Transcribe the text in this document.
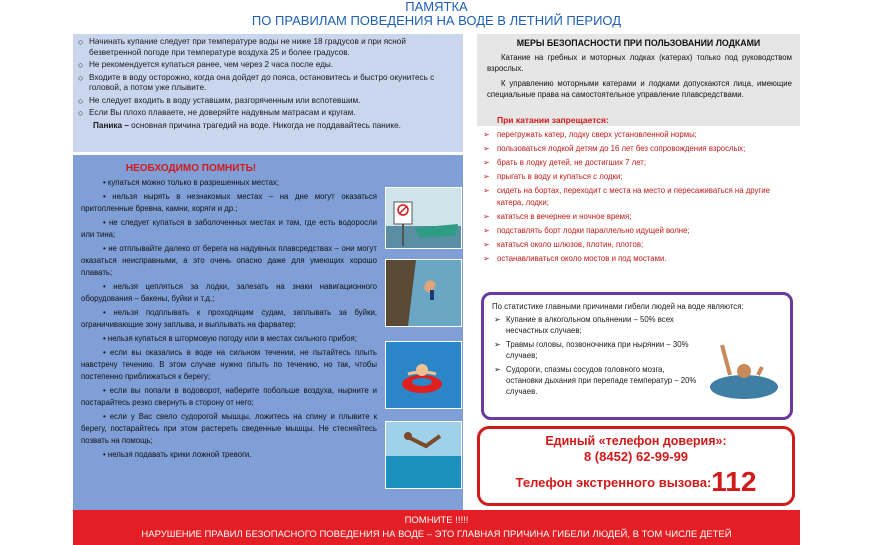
ПАМЯТКА
ПО ПРАВИЛАМ ПОВЕДЕНИЯ НА ВОДЕ В ЛЕТНИЙ ПЕРИОД
○ Начинать купание следует при температуре воды не ниже 18 градусов и при ясной безветренной погоде при температуре воздуха 25 и более градусов.
○ Не рекомендуется купаться ранее, чем через 2 часа после еды.
○ Входите в воду осторожно, когда она дойдет до пояса, остановитесь и быстро окунитесь с головой, а потом уже плывите.
○ Не следует входить в воду уставшим, разгоряченным или вспотевшим.
○ Если Вы плохо плаваете, не доверяйте надувным матрасам и кругам.
Паника – основная причина трагедий на воде. Никогда не поддавайтесь панике.
НЕОБХОДИМО ПОМНИТЬ!

• купаться можно только в разрешенных местах;

• нельзя нырять в незнакомых местах – на дне могут оказаться притопленные бревна, камни, коряги и др.;

• не следует купаться в заболоченных местах и там, где есть водоросли или тина;

• не отплывайте далеко от берега на надувных плавсредствах – они могут оказаться неисправными, а это очень опасно даже для умеющих хорошо плавать;

• нельзя цепляться за лодки, залезать на знаки навигационного оборудования – бакены, буйки и т.д.;

• нельзя подплывать к проходящим судам, заплывать за буйки, ограничивающие зону заплыва, и выплывать на фарватер;

• нельзя купаться в штормовую погоду или в местах сильного прибоя;

• если вы оказались в воде на сильном течении, не пытайтесь плыть навстречу течению. В этом случае нужно плыть по течению, но так, чтобы постепенно приближаться к берегу;

• если вы попали в водоворот, наберите побольше воздуха, нырните и постарайтесь резко свернуть в сторону от него;

• если у Вас свело судорогой мышцы, ложитесь на спину и плывите к берегу, постарайтесь при этом растереть сведенные мышцы. Не стесняйтесь позвать на помощь;

• нельзя подавать крики ложной тревоги.

МЕРЫ БЕЗОПАСНОСТИ ПРИ ПОЛЬЗОВАНИИ ЛОДКАМИ

Катание на гребных и моторных лодках (катерах) только под руководством взрослых.

К управлению моторными катерами и лодками допускаются лица, имеющие специальные права на самостоятельное управление плавсредствами.

При катании запрещается:
➢ перегружать катер, лодку сверх установленной нормы;
➢ пользоваться лодкой детям до 16 лет без сопровождения взрослых;
➢ брать в лодку детей, не достигших 7 лет;
➢ прыгать в воду и купаться с лодки;
➢ сидеть на бортах, переходит с места на место и пересаживаться на другие катера, лодки;
➢ кататься в вечернее и ночное время;
➢ подставлять борт лодки параллельно идущей волне;
➢ кататься около шлюзов, плотин, плотов;
➢ останавливаться около мостов и под мостами.
По статистике главными причинами гибели людей на воде являются:
➢ Купание в алкогольном опьянении – 50% всех несчастных случаев;
➢ Травмы головы, позвоночника при нырянии – 30% случаев;
➢ Судороги, спазмы сосудов головного мозга, остановки дыхания при перепаде температур – 20% случаев.
Единый «телефон доверия»:
8 (8452) 62-99-99
Телефон экстренного вызова:112
ПОМНИТЕ !!!!!
НАРУШЕНИЕ ПРАВИЛ БЕЗОПАСНОГО ПОВЕДЕНИЯ НА ВОДЕ – ЭТО ГЛАВНАЯ ПРИЧИНА ГИБЕЛИ ЛЮДЕЙ, В ТОМ ЧИСЛЕ ДЕТЕЙ
